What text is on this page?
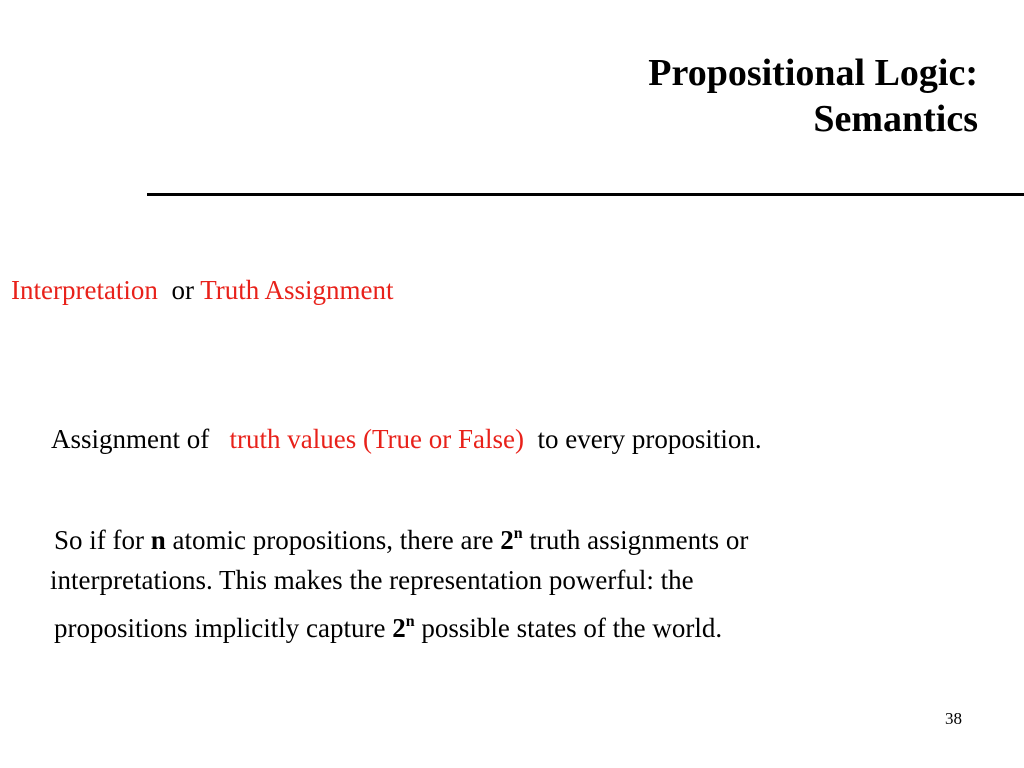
Propositional Logic:
Semantics
Interpretation or Truth Assignment
Assignment of truth values (True or False) to every proposition.
So if for n atomic propositions, there are 2$^n$ truth assignments or
interpretations. This makes the representation powerful: the
propositions implicitly capture 2$^n$ possible states of the world.
38
